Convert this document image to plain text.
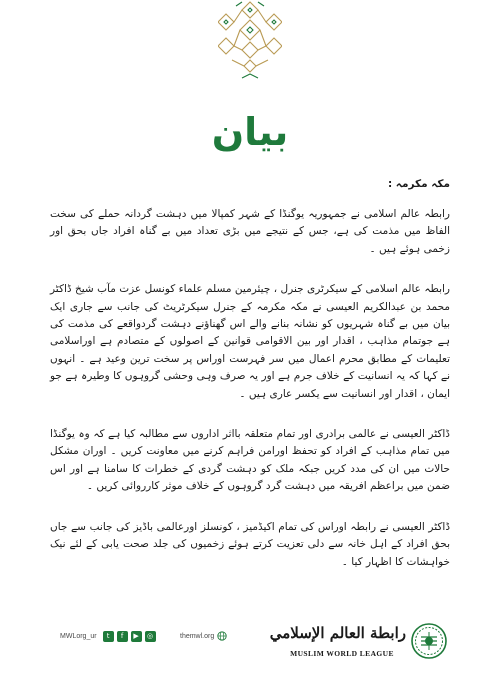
بیان

مکہ مکرمہ :

رابطہ عالم اسلامی نے جمہوریہ یوگنڈا کے شہر کمپالا میں دہشت گردانہ حملے کی سخت الفاظ میں مذمت کی ہے، جس کے نتیجے میں بڑی تعداد میں بے گناہ افراد جاں بحق اور زخمی ہوئے ہیں ۔

رابطہ عالم اسلامی کے سیکرٹری جنرل ، چیئرمین مسلم علماء کونسل عزت مآب شیخ ڈاکٹر محمد بن عبدالکریم العیسی نے مکہ مکرمہ کے جنرل سیکرٹریٹ کی جانب سے جاری ایک بیان میں بے گناہ شہریوں کو نشانہ بنانے والے اس گھناؤنے دہشت گردواقعے کی مذمت کی ہے جوتمام مذاہب ، اقدار اور بین الاقوامی قوانین کے اصولوں کے متصادم ہے اوراسلامی تعلیمات کے مطابق محرم اعمال میں سر فہرست اوراس پر سخت ترین وعید ہے ۔ انہوں نے کہا کہ یہ انسانیت کے خلاف جرم ہے اور یہ صرف وہی وحشی گروہوں کا وطیرہ ہے جو ایمان ، اقدار اور انسانیت سے یکسر عاری ہیں ۔

ڈاکٹر العیسی نے عالمی برادری اور تمام متعلقہ بااثر اداروں سے مطالبہ کیا ہے کہ وہ یوگنڈا میں تمام مذاہب کے افراد کو تحفظ اورامن فراہم کرنے میں معاونت کریں ۔ اوران مشکل حالات میں ان کی مدد کریں جبکہ ملک کو دہشت گردی کے خطرات کا سامنا ہے اور اس ضمن میں براعظم افریقہ میں دہشت گرد گروہوں کے خلاف موثر کارروائی کریں ۔

ڈاکٹر العیسی نے رابطہ اوراس کی تمام اکیڈمیز ، کونسلز اورعالمی باڈیز کی جانب سے جاں بحق افراد کے اہل خانہ سے دلی تعزیت کرتے ہوئے زخمیوں کی جلد صحت یابی کے لئے نیک خواہشات کا اظہار کیا ۔

MWLorg_ur	t	f	▶	◎	themwl.org	رابطة العالم الإسلامي
MUSLIM WORLD LEAGUE
